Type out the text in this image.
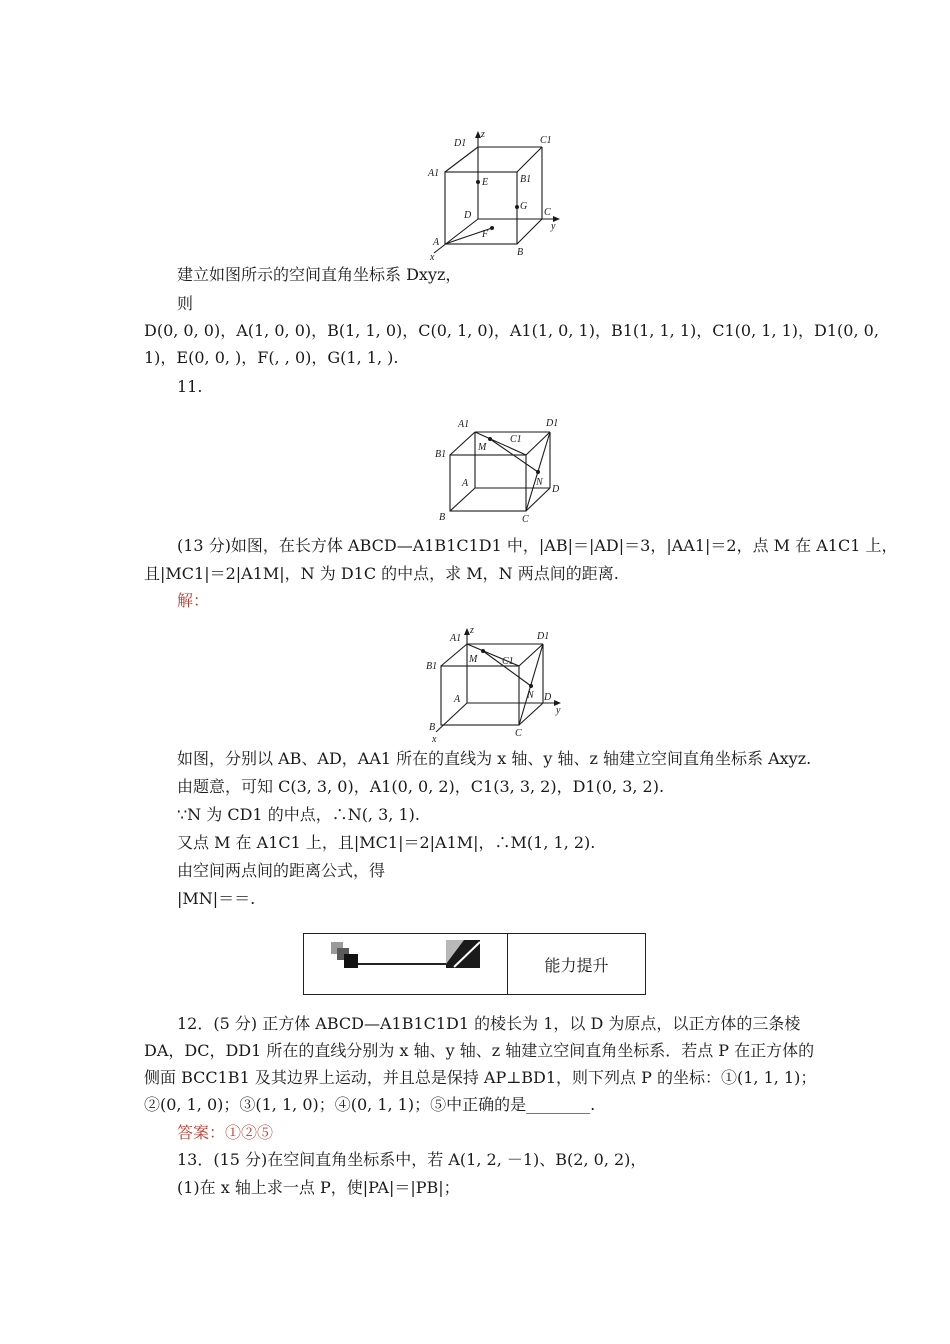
D1
z
C1
A1
E	B1
G
D	C
y
A
F
B
x
建立如图所示的空间直角坐标系 Dxyz，
则
D(0, 0, 0)，A(1, 0, 0)，B(1, 1, 0)，C(0, 1, 0)，A1(1, 0, 1)，B1(1, 1, 1)，C1(0, 1, 1)，D1(0, 0,
1)，E(0, 0, )，F(, , 0)，G(1, 1, ).
11.
A1	D1
M
C1
B1
N
A
D
B	C
(13 分)如图，在长方体 ABCD—A1B1C1D1 中，|AB|＝|AD|＝3，|AA1|＝2，点 M 在 A1C1 上，
且|MC1|＝2|A1M|，N 为 D1C 的中点，求 M，N 两点间的距离.
解：
A1
z
D1
M C1
B1
N
A	D
y
B
C
x
如图，分别以 AB、AD，AA1 所在的直线为 x 轴、y 轴、z 轴建立空间直角坐标系 Axyz.
由题意，可知 C(3, 3, 0)，A1(0, 0, 2)，C1(3, 3, 2)，D1(0, 3, 2).
∵N 为 CD1 的中点，∴N(, 3, 1).
又点 M 在 A1C1 上，且|MC1|＝2|A1M|，∴M(1, 1, 2).
由空间两点间的距离公式，得
|MN|＝＝.
能力提升
12．(5 分) 正方体 ABCD—A1B1C1D1 的棱长为 1，以 D 为原点，以正方体的三条棱
DA，DC，DD1 所在的直线分别为 x 轴、y 轴、z 轴建立空间直角坐标系．若点 P 在正方体的
侧面 BCC1B1 及其边界上运动，并且总是保持 AP⊥BD1，则下列点 P 的坐标：①(1, 1, 1)；
②(0, 1, 0)；③(1, 1, 0)；④(0, 1, 1)；⑤中正确的是________.
答案：①②⑤
13．(15 分)在空间直角坐标系中，若 A(1, 2, －1)、B(2, 0, 2)，
(1)在 x 轴上求一点 P，使|PA|＝|PB|；
